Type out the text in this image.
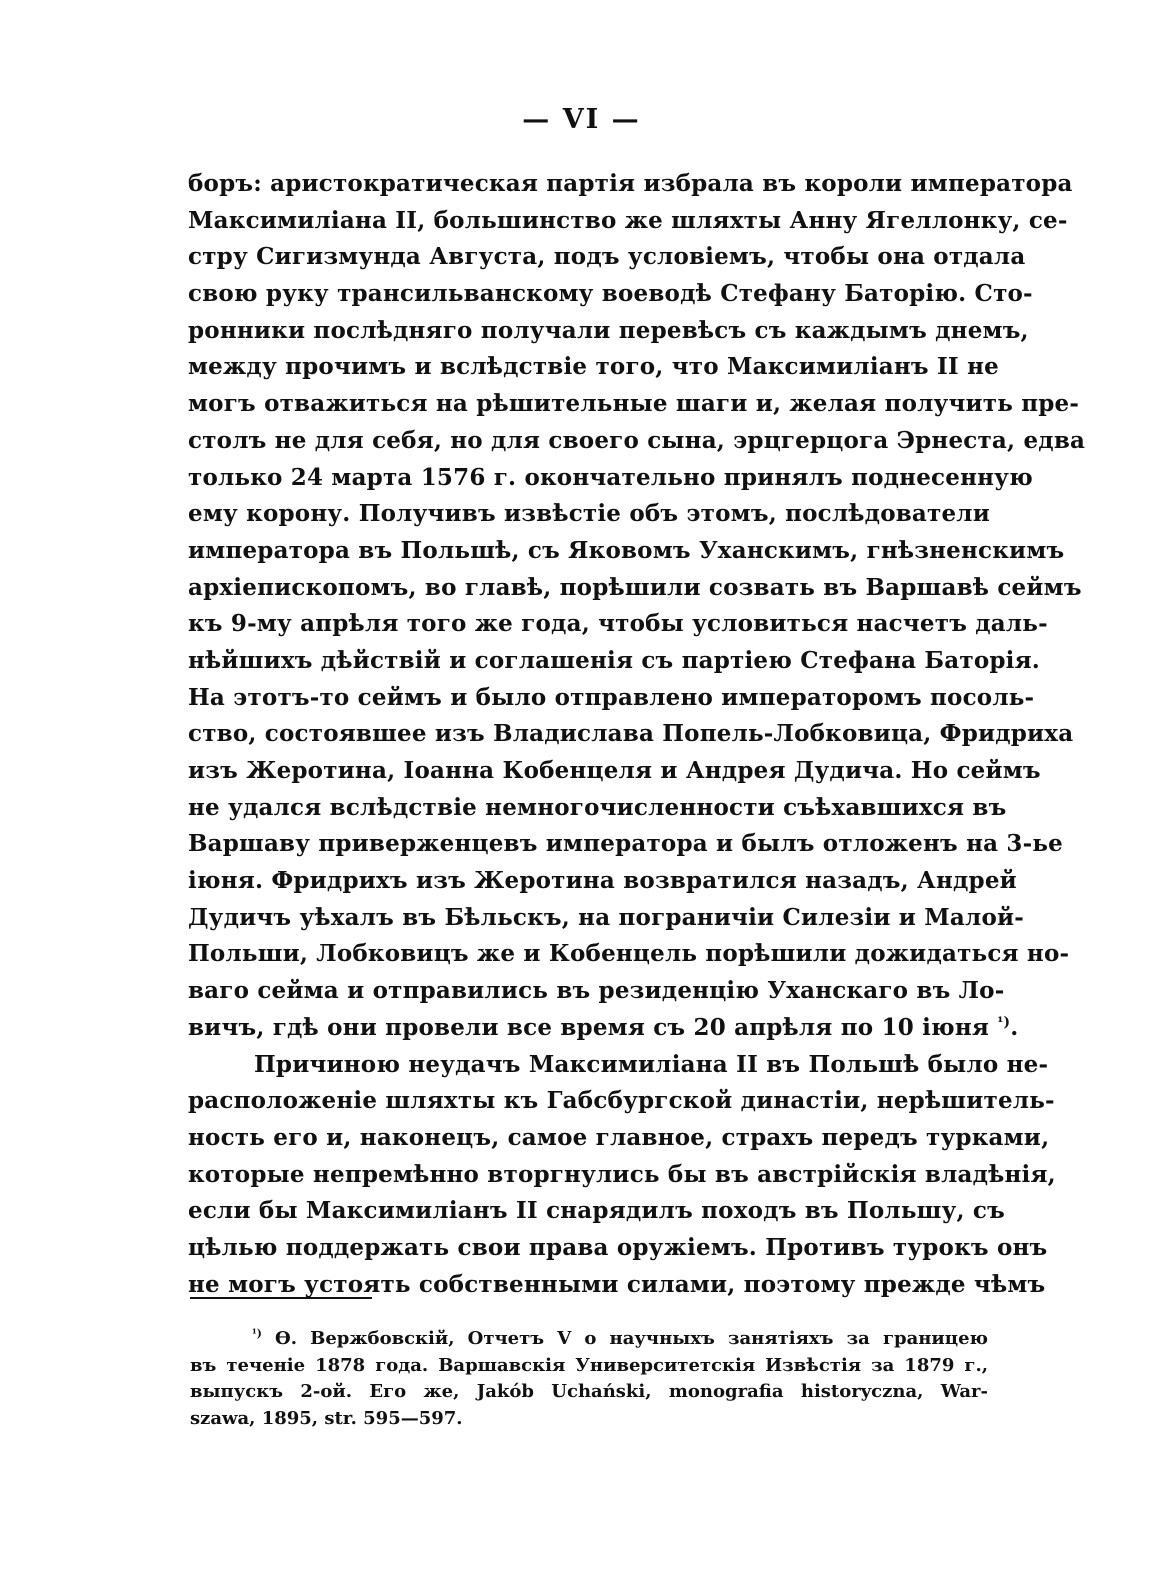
— VI —
боръ: аристократическая партія избрала въ короли императора
Максимиліана II, большинство же шляхты Анну Ягеллонку, се-
стру Сигизмунда Августа, подъ условіемъ, чтобы она отдала
свою руку трансильванскому воеводѣ Стефану Баторію. Сто-
ронники послѣдняго получали перевѣсъ съ каждымъ днемъ,
между прочимъ и вслѣдствіе того, что Максимиліанъ II не
могъ отважиться на рѣшительные шаги и, желая получить пре-
столъ не для себя, но для своего сына, эрцгерцога Эрнеста, едва
только 24 марта 1576 г. окончательно принялъ поднесенную
ему корону. Получивъ извѣстіе объ этомъ, послѣдователи
императора въ Польшѣ, съ Яковомъ Уханскимъ, гнѣзненскимъ
архіепископомъ, во главѣ, порѣшили созвать въ Варшавѣ сеймъ
къ 9-му апрѣля того же года, чтобы условиться насчетъ даль-
нѣйшихъ дѣйствій и соглашенія съ партіею Стефана Баторія.
На этотъ-то сеймъ и было отправлено императоромъ посоль-
ство, состоявшее изъ Владислава Попель-Лобковица, Фридриха
изъ Жеротина, Іоанна Кобенцеля и Андрея Дудича. Но сеймъ
не удался вслѣдствіе немногочисленности съѣхавшихся въ
Варшаву приверженцевъ императора и былъ отложенъ на 3-ье
іюня. Фридрихъ изъ Жеротина возвратился назадъ, Андрей
Дудичъ уѣхалъ въ Бѣльскъ, на пограничіи Силезіи и Малой-
Польши, Лобковицъ же и Кобенцель порѣшили дожидаться но-
ваго сейма и отправились въ резиденцію Уханскаго въ Ло-
вичъ, гдѣ они провели все время съ 20 апрѣля по 10 іюня $^{^1)}$.
Причиною неудачъ Максимиліана II въ Польшѣ было не-
расположеніе шляхты къ Габсбургской династіи, нерѣшитель-
ность его и, наконецъ, самое главное, страхъ передъ турками,
которые непремѣнно вторгнулись бы въ австрійскія владѣнія,
если бы Максимиліанъ II снарядилъ походъ въ Польшу, съ
цѣлью поддержать свои права оружіемъ. Противъ турокъ онъ
не могъ устоять собственными силами, поэтому прежде чѣмъ
$^{^1)}$ Ѳ. Вержбовскій, Отчетъ V о научныхъ занятіяхъ за границею
въ теченіе 1878 года. Варшавскія Университетскія Извѣстія за 1879 г.,
выпускъ 2-ой. Его же, Jakób Uchański, monografia historyczna, War-
szawa, 1895, str. 595—597.
